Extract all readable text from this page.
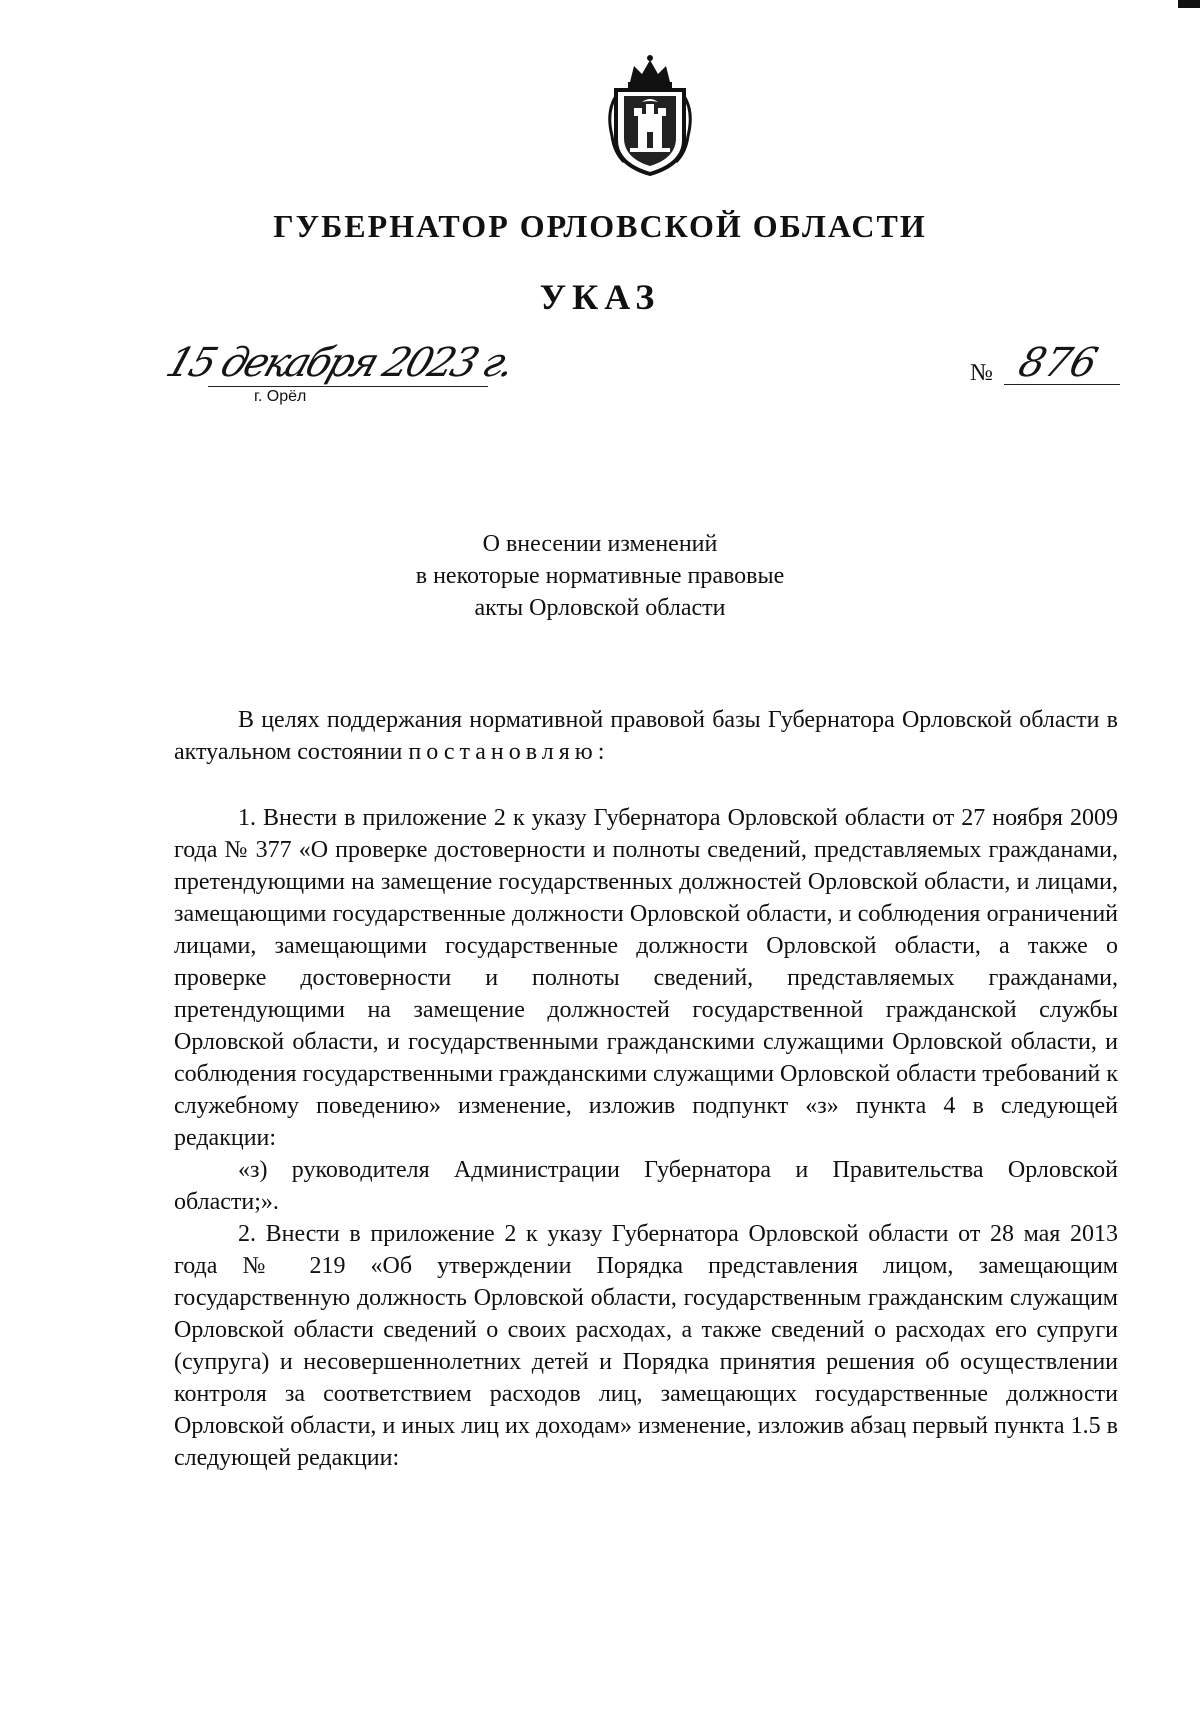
ГУБЕРНАТОР ОРЛОВСКОЙ ОБЛАСТИ
УКАЗ
15 декабря 2023 г.
г. Орёл
№ 876
О внесении изменений
в некоторые нормативные правовые
акты Орловской области

В целях поддержания нормативной правовой базы Губернатора Орловской области в актуальном состоянии постановляю:

1. Внести в приложение 2 к указу Губернатора Орловской области от 27 ноября 2009 года № 377 «О проверке достоверности и полноты сведений, представляемых гражданами, претендующими на замещение государственных должностей Орловской области, и лицами, замещающими государственные должности Орловской области, и соблюдения ограничений лицами, замещающими государственные должности Орловской области, а также о проверке достоверности и полноты сведений, представляемых гражданами, претендующими на замещение должностей государственной гражданской службы Орловской области, и государственными гражданскими служащими Орловской области, и соблюдения государственными гражданскими служащими Орловской области требований к служебному поведению» изменение, изложив подпункт «з» пункта 4 в следующей редакции:

«з) руководителя Администрации Губернатора и Правительства Орловской области;».

2. Внести в приложение 2 к указу Губернатора Орловской области от 28 мая 2013 года № 219 «Об утверждении Порядка представления лицом, замещающим государственную должность Орловской области, государственным гражданским служащим Орловской области сведений о своих расходах, а также сведений о расходах его супруги (супруга) и несовершеннолетних детей и Порядка принятия решения об осуществлении контроля за соответствием расходов лиц, замещающих государственные должности Орловской области, и иных лиц их доходам» изменение, изложив абзац первый пункта 1.5 в следующей редакции:
